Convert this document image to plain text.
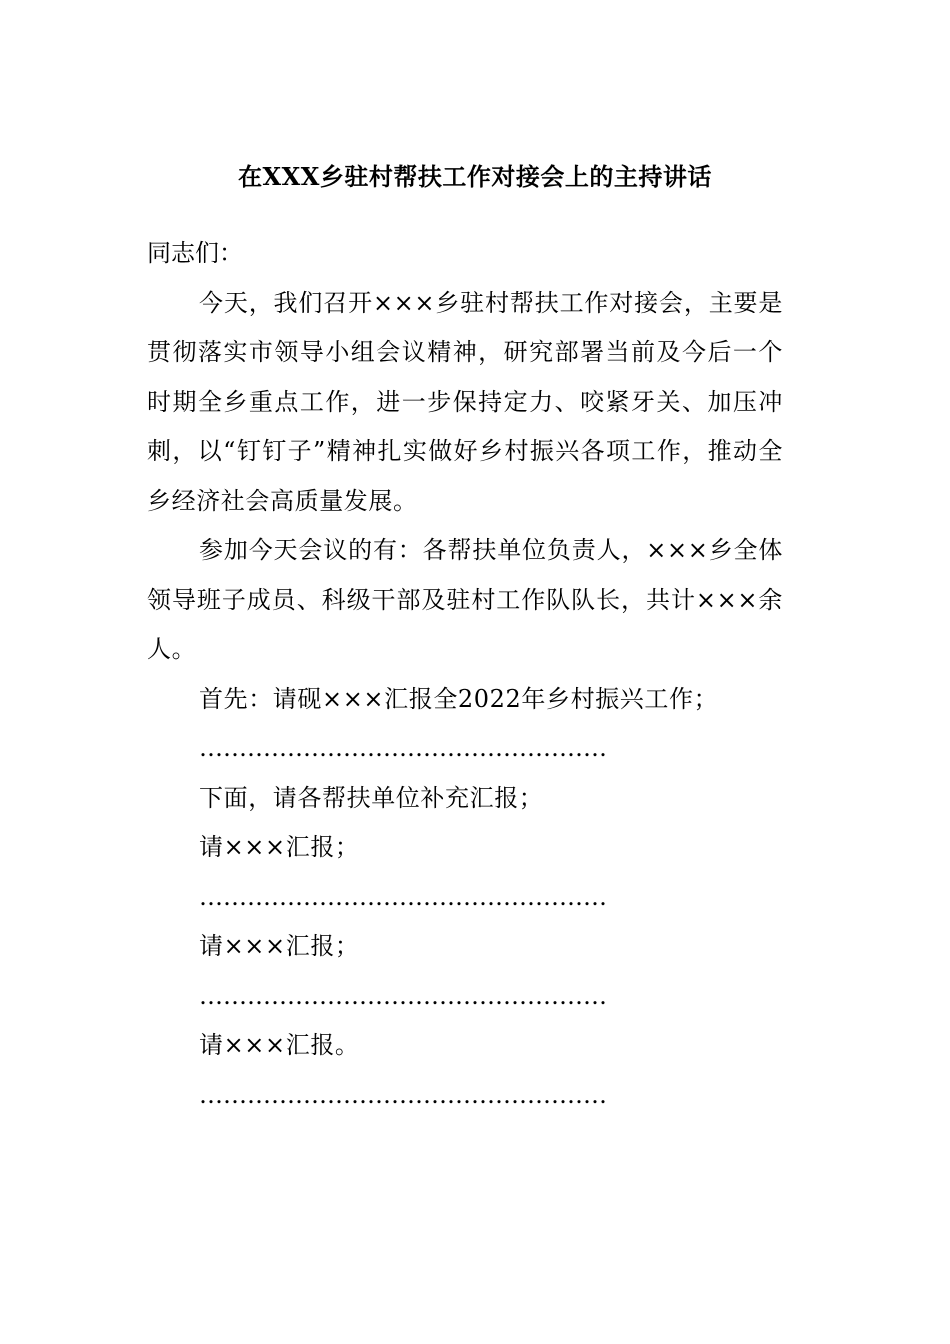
在XXX乡驻村帮扶工作对接会上的主持讲话

同志们：

今天，我们召开×××乡驻村帮扶工作对接会，主要是贯彻落实市领导小组会议精神，研究部署当前及今后一个时期全乡重点工作，进一步保持定力、咬紧牙关、加压冲刺，以“钉钉子”精神扎实做好乡村振兴各项工作，推动全乡经济社会高质量发展。

参加今天会议的有：各帮扶单位负责人，×××乡全体领导班子成员、科级干部及驻村工作队队长，共计×××余人。

首先：请砚×××汇报全2022年乡村振兴工作；

……………………………………………

下面，请各帮扶单位补充汇报；

请×××汇报；

……………………………………………

请×××汇报；

……………………………………………

请×××汇报。

……………………………………………
